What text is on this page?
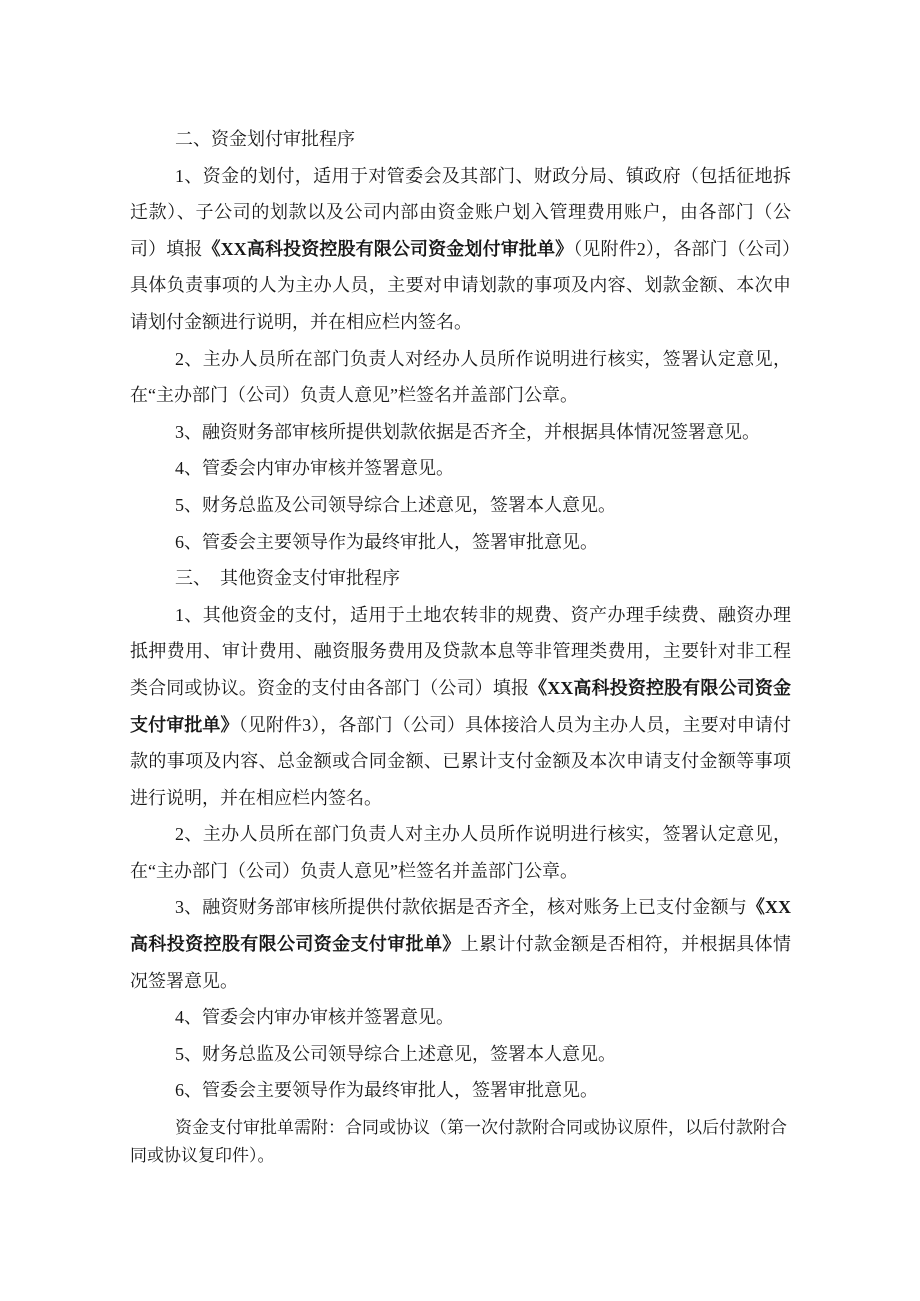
二、资金划付审批程序

1、资金的划付，适用于对管委会及其部门、财政分局、镇政府（包括征地拆迁款）、子公司的划款以及公司内部由资金账户划入管理费用账户，由各部门（公司）填报《XX高科投资控股有限公司资金划付审批单》（见附件2），各部门（公司）具体负责事项的人为主办人员，主要对申请划款的事项及内容、划款金额、本次申请划付金额进行说明，并在相应栏内签名。

2、主办人员所在部门负责人对经办人员所作说明进行核实，签署认定意见，在“主办部门（公司）负责人意见”栏签名并盖部门公章。

3、融资财务部审核所提供划款依据是否齐全，并根据具体情况签署意见。

4、管委会内审办审核并签署意见。

5、财务总监及公司领导综合上述意见，签署本人意见。

6、管委会主要领导作为最终审批人，签署审批意见。

三、　其他资金支付审批程序

1、其他资金的支付，适用于土地农转非的规费、资产办理手续费、融资办理抵押费用、审计费用、融资服务费用及贷款本息等非管理类费用，主要针对非工程类合同或协议。资金的支付由各部门（公司）填报《XX高科投资控股有限公司资金支付审批单》（见附件3），各部门（公司）具体接洽人员为主办人员，主要对申请付款的事项及内容、总金额或合同金额、已累计支付金额及本次申请支付金额等事项进行说明，并在相应栏内签名。

2、主办人员所在部门负责人对主办人员所作说明进行核实，签署认定意见，在“主办部门（公司）负责人意见”栏签名并盖部门公章。

3、融资财务部审核所提供付款依据是否齐全，核对账务上已支付金额与《XX高科投资控股有限公司资金支付审批单》上累计付款金额是否相符，并根据具体情况签署意见。

4、管委会内审办审核并签署意见。

5、财务总监及公司领导综合上述意见，签署本人意见。

6、管委会主要领导作为最终审批人，签署审批意见。

资金支付审批单需附：合同或协议（第一次付款附合同或协议原件，以后付款附合同或协议复印件）。
